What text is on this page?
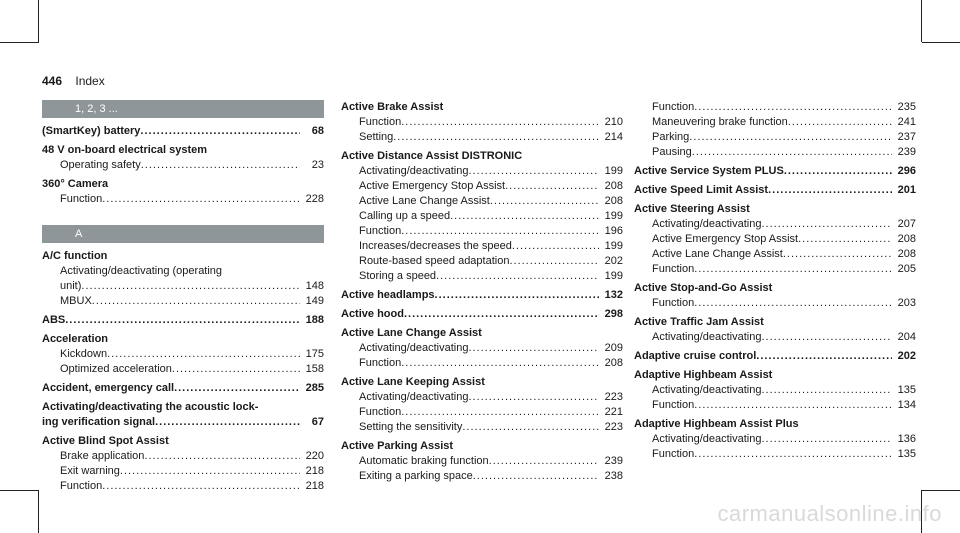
446 Index
1, 2, 3 ...
(SmartKey) battery .....	68
48 V on-board electrical system
Operating safety .....	23
360° Camera
Function .....	228
A
A/C function
Activating/deactivating (operating
unit) .....	148
MBUX .....	149
ABS .....	188
Acceleration
Kickdown .....	175
Optimized acceleration .....	158
Accident, emergency call .....	285
Activating/deactivating the acoustic lock-
ing verification signal .....	67
Active Blind Spot Assist
Brake application .....	220
Exit warning .....	218
Function .....	218
Active Brake Assist
Function .....	210
Setting .....	214
Active Distance Assist DISTRONIC
Activating/deactivating .....	199
Active Emergency Stop Assist .....	208
Active Lane Change Assist .....	208
Calling up a speed .....	199
Function .....	196
Increases/decreases the speed .....	199
Route-based speed adaptation .....	202
Storing a speed .....	199
Active headlamps .....	132
Active hood .....	298
Active Lane Change Assist
Activating/deactivating .....	209
Function .....	208
Active Lane Keeping Assist
Activating/deactivating .....	223
Function .....	221
Setting the sensitivity .....	223
Active Parking Assist
Automatic braking function .....	239
Exiting a parking space .....	238
Function .....	235
Maneuvering brake function .....	241
Parking .....	237
Pausing .....	239
Active Service System PLUS .....	296
Active Speed Limit Assist .....	201
Active Steering Assist
Activating/deactivating .....	207
Active Emergency Stop Assist .....	208
Active Lane Change Assist .....	208
Function .....	205
Active Stop-and-Go Assist
Function .....	203
Active Traffic Jam Assist
Activating/deactivating .....	204
Adaptive cruise control .....	202
Adaptive Highbeam Assist
Activating/deactivating .....	135
Function .....	134
Adaptive Highbeam Assist Plus
Activating/deactivating .....	136
Function .....	135
carmanualsonline.info
